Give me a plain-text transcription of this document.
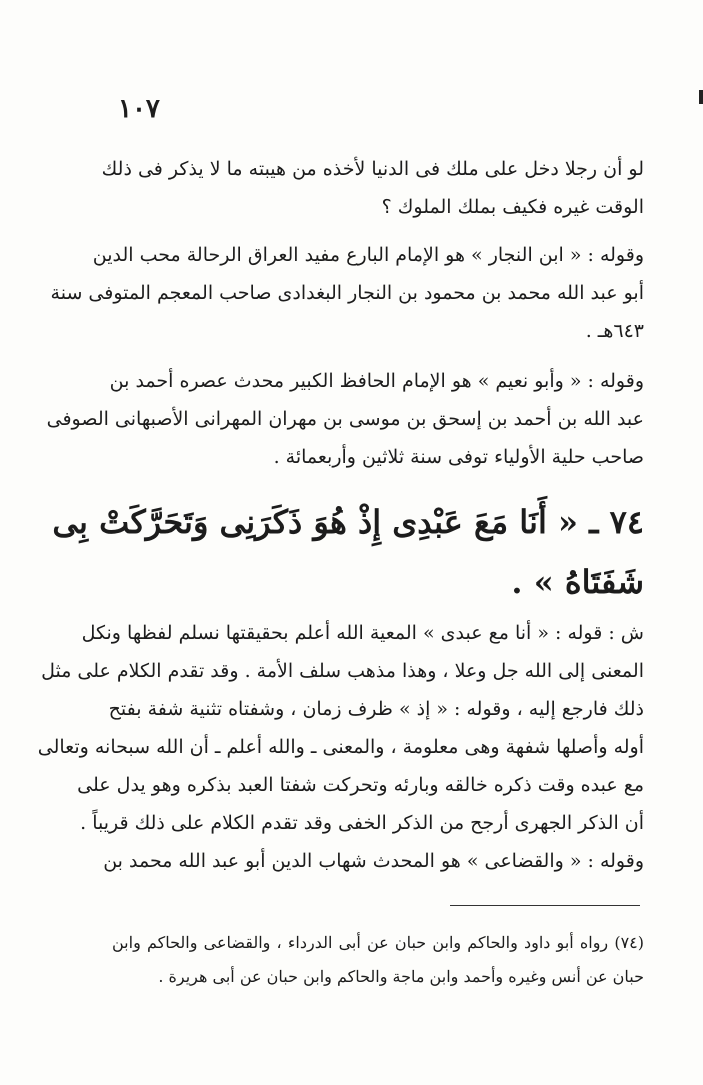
١٠٧
لو أن رجلا دخل على ملك فى الدنيا لأخذه من هيبته ما لا يذكر فى ذلك
الوقت غيره فكيف بملك الملوك ؟
وقوله : « ابن النجار » هو الإمام البارع مفيد العراق الرحالة محب الدين
أبو عبد الله محمد بن محمود بن النجار البغدادى صاحب المعجم المتوفى سنة
٦٤٣هـ .
وقوله : « وأبو نعيم » هو الإمام الحافظ الكبير محدث عصره أحمد بن
عبد الله بن أحمد بن إسحق بن موسى بن مهران المهرانى الأصبهانى الصوفى
صاحب حلية الأولياء توفى سنة ثلاثين وأربعمائة .
٧٤ ـ « أَنَا مَعَ عَبْدِى إِذْ هُوَ ذَكَرَنِى وَتَحَرَّكَتْ بِى
شَفَتَاهُ » .
ش : قوله : « أنا مع عبدى » المعية الله أعلم بحقيقتها نسلم لفظها ونكل
المعنى إلى الله جل وعلا ، وهذا مذهب سلف الأمة . وقد تقدم الكلام على مثل
ذلك فارجع إليه ، وقوله : « إذ » ظرف زمان ، وشفتاه تثنية شفة بفتح
أوله وأصلها شفهة وهى معلومة ، والمعنى ـ والله أعلم ـ أن الله سبحانه وتعالى
مع عبده وقت ذكره خالقه وبارئه وتحركت شفتا العبد بذكره وهو يدل على
أن الذكر الجهرى أرجح من الذكر الخفى وقد تقدم الكلام على ذلك قريباً .
وقوله : « والقضاعى » هو المحدث شهاب الدين أبو عبد الله محمد بن
(٧٤) رواه أبو داود والحاكم وابن حبان عن أبى الدرداء ، والقضاعى والحاكم وابن
حبان عن أنس وغيره وأحمد وابن ماجة والحاكم وابن حبان عن أبى هريرة .
